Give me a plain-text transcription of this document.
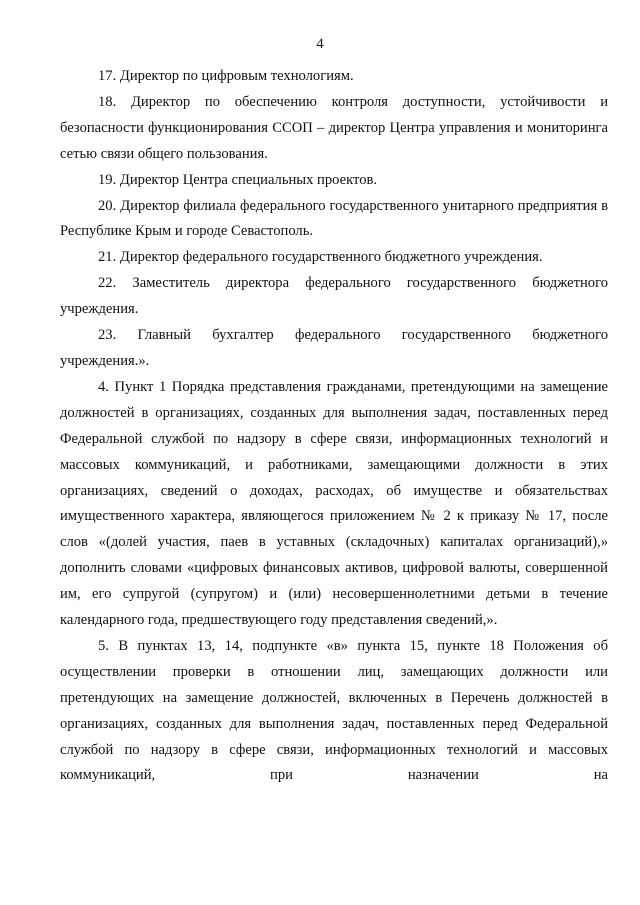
4

17. Директор по цифровым технологиям.

18. Директор по обеспечению контроля доступности, устойчивости и безопасности функционирования ССОП – директор Центра управления и мониторинга сетью связи общего пользования.

19. Директор Центра специальных проектов.

20. Директор филиала федерального государственного унитарного предприятия в Республике Крым и городе Севастополь.

21. Директор федерального государственного бюджетного учреждения.

22. Заместитель директора федерального государственного бюджетного учреждения.

23. Главный бухгалтер федерального государственного бюджетного учреждения.».

4. Пункт 1 Порядка представления гражданами, претендующими на замещение должностей в организациях, созданных для выполнения задач, поставленных перед Федеральной службой по надзору в сфере связи, информационных технологий и массовых коммуникаций, и работниками, замещающими должности в этих организациях, сведений о доходах, расходах, об имуществе и обязательствах имущественного характера, являющегося приложением № 2 к приказу № 17, после слов «(долей участия, паев в уставных (складочных) капиталах организаций),» дополнить словами «цифровых финансовых активов, цифровой валюты, совершенной им, его супругой (супругом) и (или) несовершеннолетними детьми в течение календарного года, предшествующего году представления сведений,».

5. В пунктах 13, 14, подпункте «в» пункта 15, пункте 18 Положения об осуществлении проверки в отношении лиц, замещающих должности или претендующих на замещение должностей, включенных в Перечень должностей в организациях, созданных для выполнения задач, поставленных перед Федеральной службой по надзору в сфере связи, информационных технологий и массовых коммуникаций, при назначении на
